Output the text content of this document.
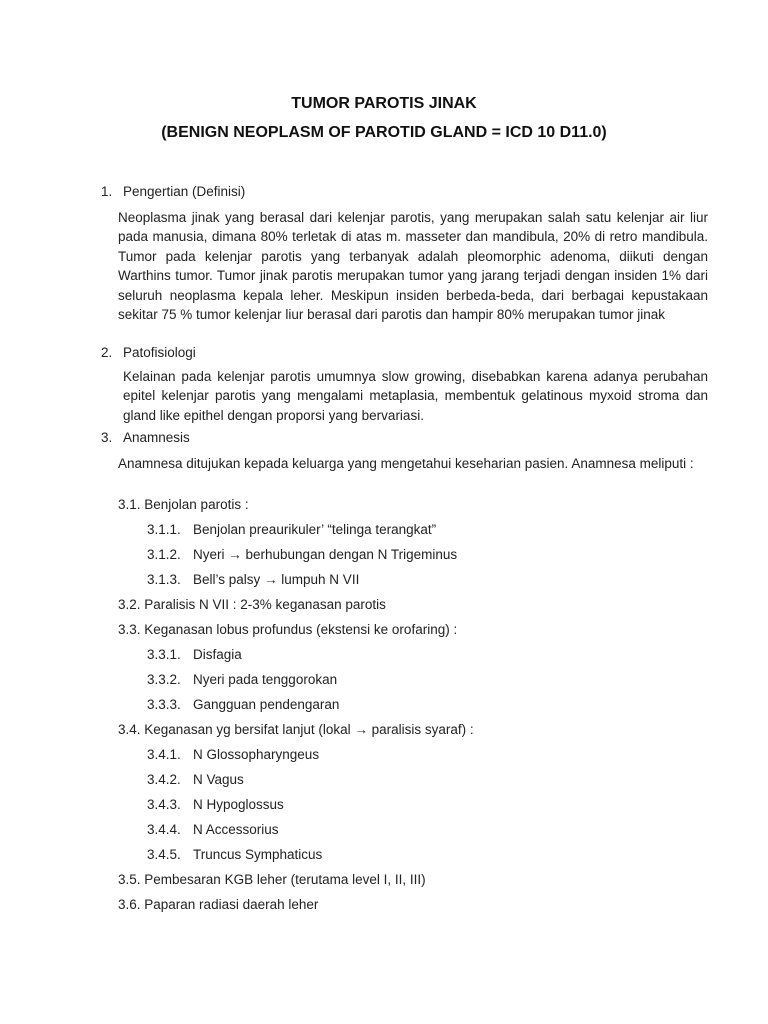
TUMOR PAROTIS JINAK
(BENIGN NEOPLASM OF PAROTID GLAND = ICD 10 D11.0)
1. Pengertian (Definisi)
Neoplasma jinak yang berasal dari kelenjar parotis, yang merupakan salah satu kelenjar air liur pada manusia, dimana 80% terletak di atas m. masseter dan mandibula, 20% di retro mandibula. Tumor pada kelenjar parotis yang terbanyak adalah pleomorphic adenoma, diikuti dengan Warthins tumor. Tumor jinak parotis merupakan tumor yang jarang terjadi dengan insiden 1% dari seluruh neoplasma kepala leher. Meskipun insiden berbeda-beda, dari berbagai kepustakaan sekitar 75 % tumor kelenjar liur berasal dari parotis dan hampir 80% merupakan tumor jinak
2. Patofisiologi
Kelainan pada kelenjar parotis umumnya slow growing, disebabkan karena adanya perubahan epitel kelenjar parotis yang mengalami metaplasia, membentuk gelatinous myxoid stroma dan gland like epithel dengan proporsi yang bervariasi.
3. Anamnesis
Anamnesa ditujukan kepada keluarga yang mengetahui keseharian pasien. Anamnesa meliputi :
3.1. Benjolan parotis :
3.1.1. Benjolan preaurikuler’ “telinga terangkat”
3.1.2. Nyeri → berhubungan dengan N Trigeminus
3.1.3. Bell’s palsy → lumpuh N VII
3.2. Paralisis N VII : 2-3% keganasan parotis
3.3. Keganasan lobus profundus (ekstensi ke orofaring) :
3.3.1. Disfagia
3.3.2. Nyeri pada tenggorokan
3.3.3. Gangguan pendengaran
3.4. Keganasan yg bersifat lanjut (lokal → paralisis syaraf) :
3.4.1. N Glossopharyngeus
3.4.2. N Vagus
3.4.3. N Hypoglossus
3.4.4. N Accessorius
3.4.5. Truncus Symphaticus
3.5. Pembesaran KGB leher (terutama level I, II, III)
3.6. Paparan radiasi daerah leher
